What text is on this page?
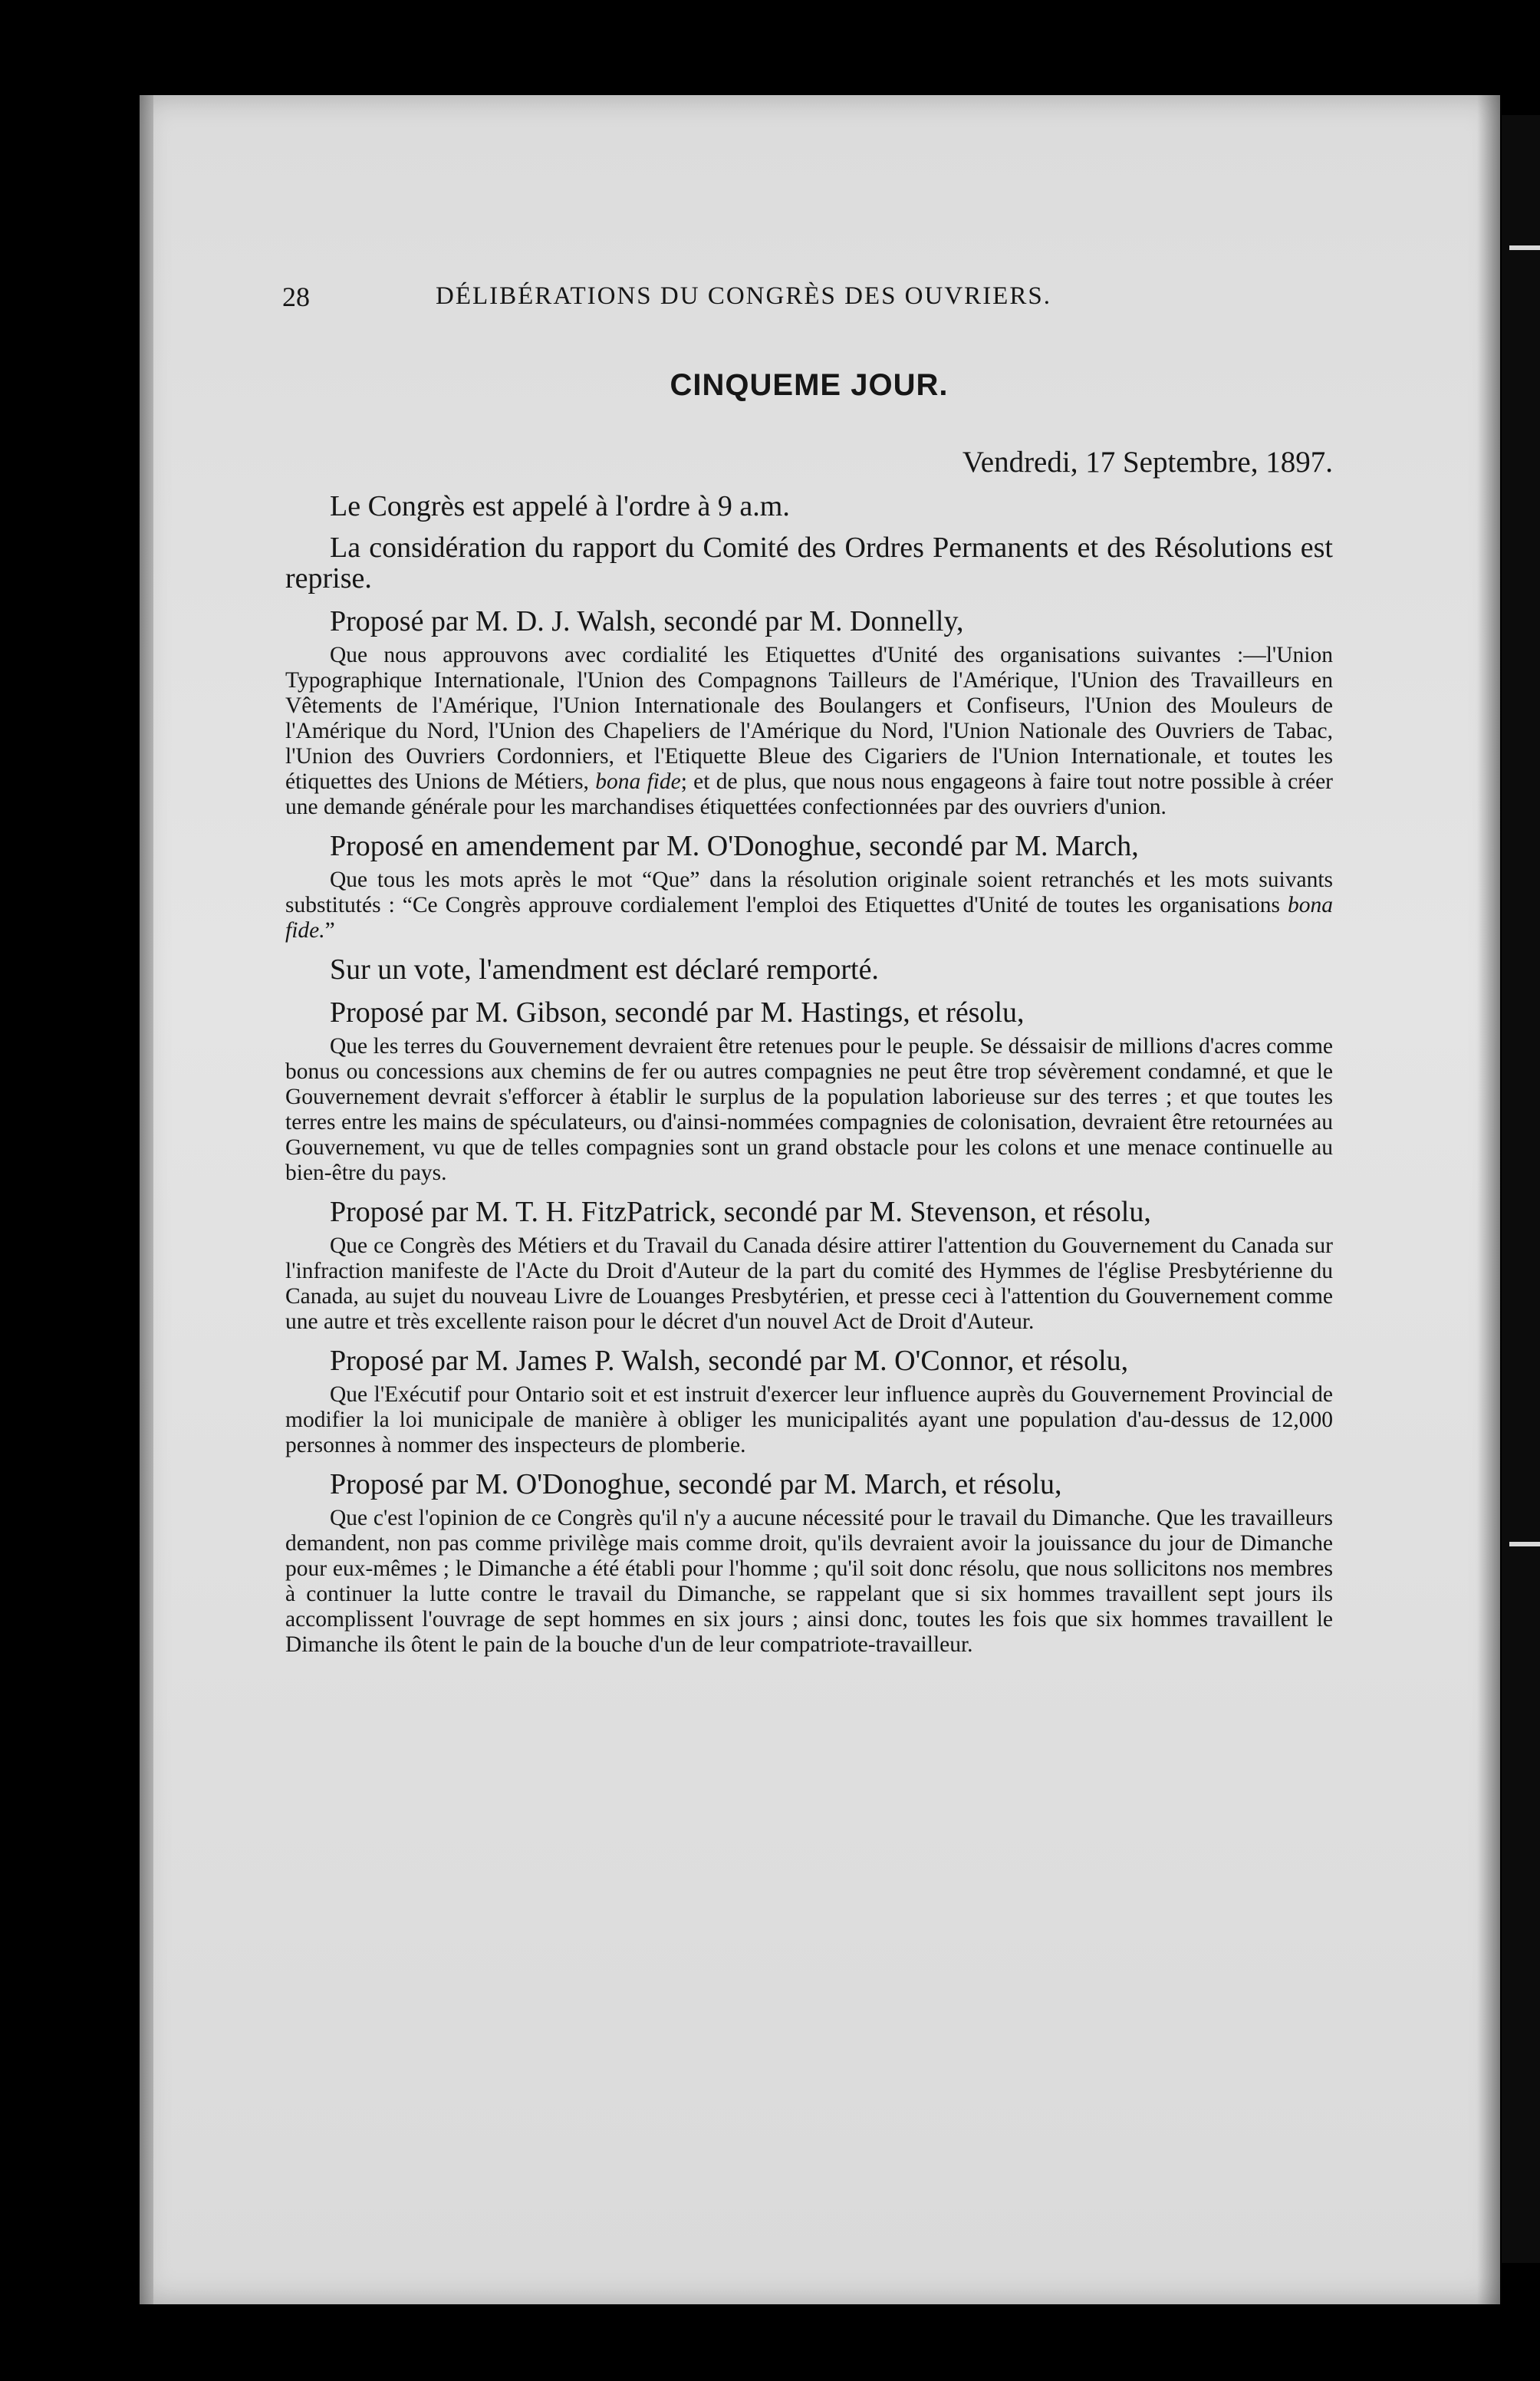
28	DÉLIBÉRATIONS DU CONGRÈS DES OUVRIERS.
CINQUEME JOUR.
Vendredi, 17 Septembre, 1897.

Le Congrès est appelé à l'ordre à 9 a.m.

La considération du rapport du Comité des Ordres Permanents et des Résolutions est reprise.

Proposé par M. D. J. Walsh, secondé par M. Donnelly,

Que nous approuvons avec cordialité les Etiquettes d'Unité des organisations suivantes :—l'Union Typographique Internationale, l'Union des Compagnons Tailleurs de l'Amérique, l'Union des Travailleurs en Vêtements de l'Amérique, l'Union Internationale des Boulangers et Confiseurs, l'Union des Mouleurs de l'Amérique du Nord, l'Union des Chapeliers de l'Amérique du Nord, l'Union Nationale des Ouvriers de Tabac, l'Union des Ouvriers Cordonniers, et l'Etiquette Bleue des Cigariers de l'Union Internationale, et toutes les étiquettes des Unions de Métiers, bona fide; et de plus, que nous nous engageons à faire tout notre possible à créer une demande générale pour les marchandises étiquettées confectionnées par des ouvriers d'union.

Proposé en amendement par M. O'Donoghue, secondé par M. March,

Que tous les mots après le mot “Que” dans la résolution originale soient retranchés et les mots suivants substitutés : “Ce Congrès approuve cordialement l'emploi des Etiquettes d'Unité de toutes les organisations bona fide.”

Sur un vote, l'amendment est déclaré remporté.
Proposé par M. Gibson, secondé par M. Hastings, et résolu,

Que les terres du Gouvernement devraient être retenues pour le peuple. Se déssaisir de millions d'acres comme bonus ou concessions aux chemins de fer ou autres compagnies ne peut être trop sévèrement condamné, et que le Gouvernement devrait s'efforcer à établir le surplus de la population laborieuse sur des terres ; et que toutes les terres entre les mains de spéculateurs, ou d'ainsi-nommées compagnies de colonisation, devraient être retournées au Gouvernement, vu que de telles compagnies sont un grand obstacle pour les colons et une menace continuelle au bien-être du pays.

Proposé par M. T. H. FitzPatrick, secondé par M. Stevenson, et résolu,

Que ce Congrès des Métiers et du Travail du Canada désire attirer l'attention du Gouvernement du Canada sur l'infraction manifeste de l'Acte du Droit d'Auteur de la part du comité des Hymmes de l'église Presbytérienne du Canada, au sujet du nouveau Livre de Louanges Presbytérien, et presse ceci à l'attention du Gouvernement comme une autre et très excellente raison pour le décret d'un nouvel Act de Droit d'Auteur.

Proposé par M. James P. Walsh, secondé par M. O'Connor, et résolu,

Que l'Exécutif pour Ontario soit et est instruit d'exercer leur influence auprès du Gouvernement Provincial de modifier la loi municipale de manière à obliger les municipalités ayant une population d'au-dessus de 12,000 personnes à nommer des inspecteurs de plomberie.

Proposé par M. O'Donoghue, secondé par M. March, et résolu,

Que c'est l'opinion de ce Congrès qu'il n'y a aucune nécessité pour le travail du Dimanche. Que les travailleurs demandent, non pas comme privilège mais comme droit, qu'ils devraient avoir la jouissance du jour de Dimanche pour eux-mêmes ; le Dimanche a été établi pour l'homme ; qu'il soit donc résolu, que nous sollicitons nos membres à continuer la lutte contre le travail du Dimanche, se rappelant que si six hommes travaillent sept jours ils accomplissent l'ouvrage de sept hommes en six jours ; ainsi donc, toutes les fois que six hommes travaillent le Dimanche ils ôtent le pain de la bouche d'un de leur compatriote-travailleur.
